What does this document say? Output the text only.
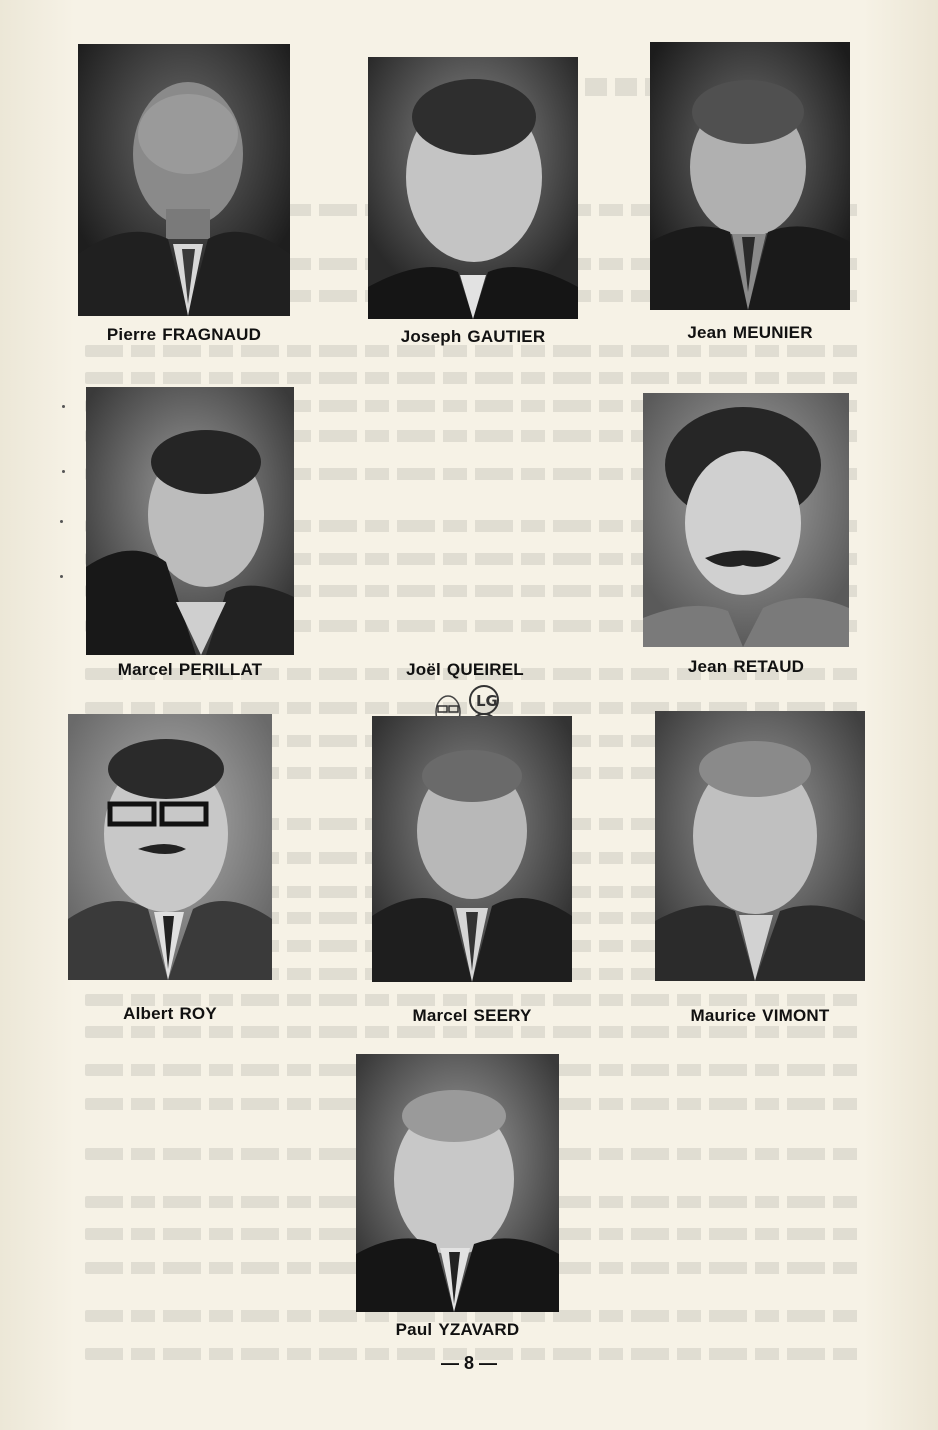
Pierre FRAGNAUD	Joseph GAUTIER	Jean MEUNIER
Marcel PERILLAT	Joël QUEIREL	Jean RETAUD
LG
Albert ROY	Marcel SEERY	Maurice VIMONT
Paul YZAVARD
— 8 —
